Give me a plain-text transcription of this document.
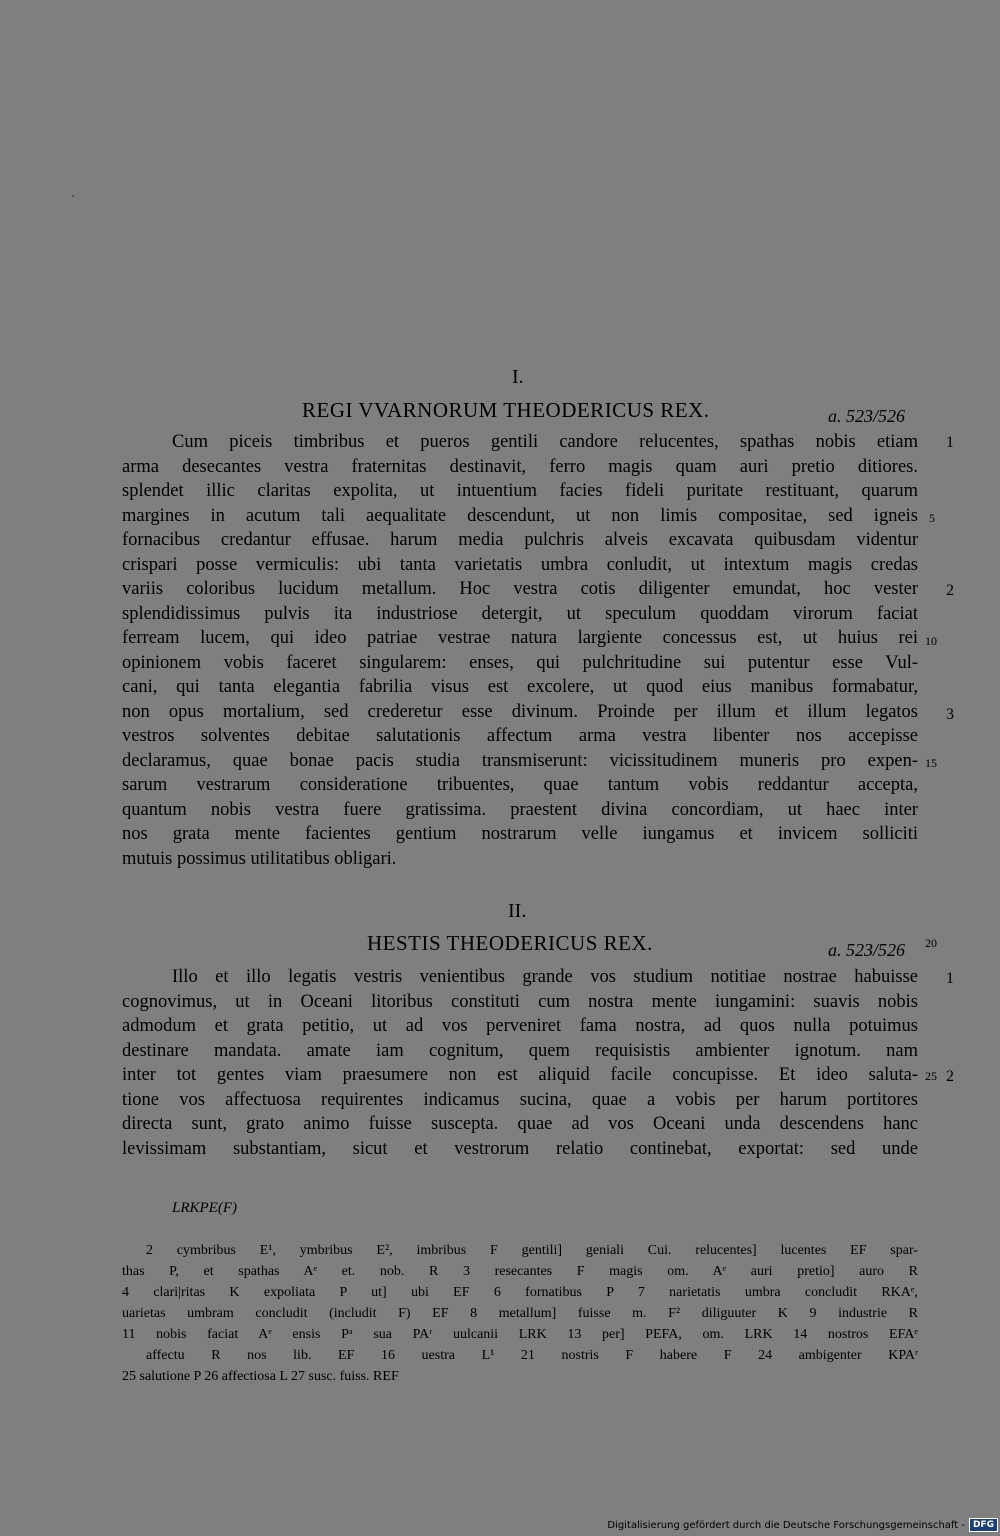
I.
REGI VVARNORUM THEODERICUS REX.	a. 523/526
Cum piceis timbribus et pueros gentili candore relucentes, spathas nobis etiam
arma desecantes vestra fraternitas destinavit, ferro magis quam auri pretio ditiores.
splendet illic claritas expolita, ut intuentium facies fideli puritate restituant, quarum
margines in acutum tali aequalitate descendunt, ut non limis compositae, sed igneis
fornacibus credantur effusae. harum media pulchris alveis excavata quibusdam videntur
crispari posse vermiculis: ubi tanta varietatis umbra conludit, ut intextum magis credas
variis coloribus lucidum metallum. Hoc vestra cotis diligenter emundat, hoc vester
splendidissimus pulvis ita industriose detergit, ut speculum quoddam virorum faciat
ferream lucem, qui ideo patriae vestrae natura largiente concessus est, ut huius rei
opinionem vobis faceret singularem: enses, qui pulchritudine sui putentur esse Vul-
cani, qui tanta elegantia fabrilia visus est excolere, ut quod eius manibus formabatur,
non opus mortalium, sed crederetur esse divinum. Proinde per illum et illum legatos
vestros solventes debitae salutationis affectum arma vestra libenter nos accepisse
declaramus, quae bonae pacis studia transmiserunt: vicissitudinem muneris pro expen-
sarum vestrarum consideratione tribuentes, quae tantum vobis reddantur accepta,
quantum nobis vestra fuere gratissima. praestent divina concordiam, ut haec inter
nos grata mente facientes gentium nostrarum velle iungamus et invicem solliciti
mutuis possimus utilitatibus obligari.
5
10
15
1
2
3
II.
HESTIS THEODERICUS REX.	a. 523/526 20
Illo et illo legatis vestris venientibus grande vos studium notitiae nostrae habuisse
cognovimus, ut in Oceani litoribus constituti cum nostra mente iungamini: suavis nobis
admodum et grata petitio, ut ad vos perveniret fama nostra, ad quos nulla potuimus
destinare mandata. amate iam cognitum, quem requisistis ambienter ignotum. nam
inter tot gentes viam praesumere non est aliquid facile concupisse. Et ideo saluta-
tione vos affectuosa requirentes indicamus sucina, quae a vobis per harum portitores
directa sunt, grato animo fuisse suscepta. quae ad vos Oceani unda descendens hanc
levissimam substantiam, sicut et vestrorum relatio continebat, exportat: sed unde
1
25 2
LRKPE(F)
2 cymbribus E¹, ymbribus E², imbribus F gentili] geniali Cui. relucentes] lucentes EF spar-
thas P, et spathas Aᵉ et. nob. R 3 resecantes F magis om. Aᵉ auri pretio] auro R
4 clari|ritas K expoliata P ut] ubi EF 6 fornatibus P 7 narietatis umbra concludit RKAᵉ,
uarietas umbram concludit (includit F) EF 8 metallum] fuisse m. F² diliguuter K 9 industrie R
11 nobis faciat Aᵉ ensis Pᵃ sua PAʳ uulcanii LRK 13 per] PEFA, om. LRK 14 nostros EFAᵉ
affectu R nos lib. EF 16 uestra L¹ 21 nostris F habere F 24 ambigenter KPAʳ
25 salutione P 26 affectiosa L 27 susc. fuiss. REF
Digitalisierung gefördert durch die Deutsche Forschungsgemeinschaft - DFG
